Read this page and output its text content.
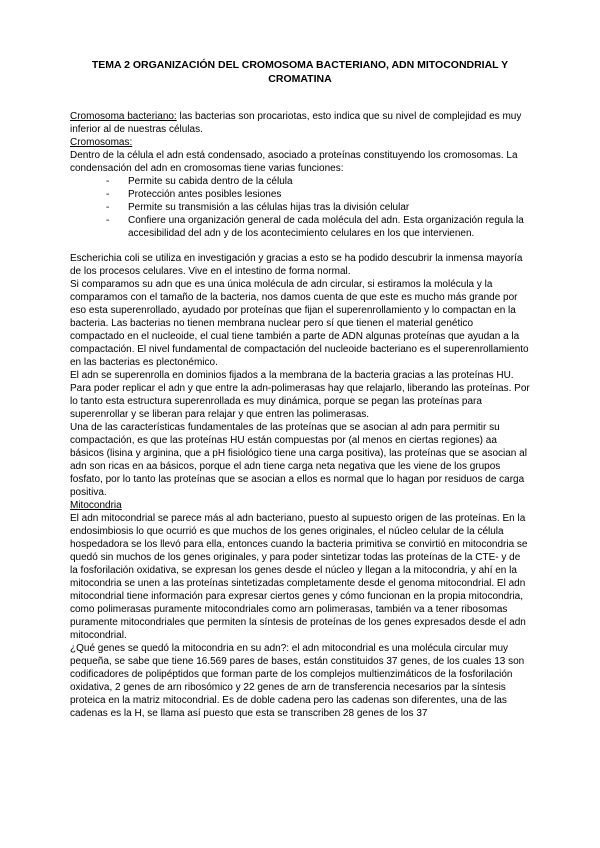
TEMA 2 ORGANIZACIÓN DEL CROMOSOMA BACTERIANO, ADN MITOCONDRIAL Y
CROMATINA

Cromosoma bacteriano: las bacterias son procariotas, esto indica que su nivel de complejidad es muy inferior al de nuestras células.

Cromosomas:

Dentro de la célula el adn está condensado, asociado a proteínas constituyendo los cromosomas. La condensación del adn en cromosomas tiene varias funciones:

- Permite su cabida dentro de la célula
- Protección antes posibles lesiones
- Permite su transmisión a las células hijas tras la división celular
- Confiere una organización general de cada molécula del adn. Esta organización regula la accesibilidad del adn y de los acontecimiento celulares en los que intervienen.

Escherichia coli se utiliza en investigación y gracias a esto se ha podido descubrir la inmensa mayoría de los procesos celulares. Vive en el intestino de forma normal.

Si comparamos su adn que es una única molécula de adn circular, si estiramos la molécula y la comparamos con el tamaño de la bacteria, nos damos cuenta de que este es mucho más grande por eso esta superenrollado, ayudado por proteínas que fijan el superenrollamiento y lo compactan en la bacteria. Las bacterias no tienen membrana nuclear pero sí que tienen el material genético compactado en el nucleoide, el cual tiene también a parte de ADN algunas proteínas que ayudan a la compactación. El nivel fundamental de compactación del nucleoide bacteriano es el superenrollamiento en las bacterias es plectonémico.

El adn se superenrolla en dominios fijados a la membrana de la bacteria gracias a las proteínas HU. Para poder replicar el adn y que entre la adn-polimerasas hay que relajarlo, liberando las proteínas. Por lo tanto esta estructura superenrollada es muy dinámica, porque se pegan las proteínas para superenrollar y se liberan para relajar y que entren las polimerasas.

Una de las características fundamentales de las proteínas que se asocian al adn para permitir su compactación, es que las proteínas HU están compuestas por (al menos en ciertas regiones) aa básicos (lisina y arginina, que a pH fisiológico tiene una carga positiva), las proteínas que se asocian al adn son ricas en aa básicos, porque el adn tiene carga neta negativa que les viene de los grupos fosfato, por lo tanto las proteínas que se asocian a ellos es normal que lo hagan por residuos de carga positiva.

Mitocondria

El adn mitocondrial se parece más al adn bacteriano, puesto al supuesto origen de las proteínas. En la endosimbiosis lo que ocurrió es que muchos de los genes originales, el núcleo celular de la célula hospedadora se los llevó para ella, entonces cuando la bacteria primitiva se convirtió en mitocondria se quedó sin muchos de los genes originales, y para poder sintetizar todas las proteínas de la CTE- y de la fosforilación oxidativa, se expresan los genes desde el núcleo y llegan a la mitocondria, y ahí en la mitocondria se unen a las proteínas sintetizadas completamente desde el genoma mitocondrial. El adn mitocondrial tiene información para expresar ciertos genes y cómo funcionan en la propia mitocondria, como polimerasas puramente mitocondriales como arn polimerasas, también va a tener ribosomas puramente mitocondriales que permiten la síntesis de proteínas de los genes expresados desde el adn mitocondrial.

¿Qué genes se quedó la mitocondria en su adn?: el adn mitocondrial es una molécula circular muy pequeña, se sabe que tiene 16.569 pares de bases, están constituidos 37 genes, de los cuales 13 son codificadores de polipéptidos que forman parte de los complejos multienzimáticos de la fosforilación oxidativa, 2 genes de arn ribosómico y 22 genes de arn de transferencia necesarios par la síntesis proteica en la matriz mitocondrial. Es de doble cadena pero las cadenas son diferentes, una de las cadenas es la H, se llama así puesto que esta se transcriben 28 genes de los 37
